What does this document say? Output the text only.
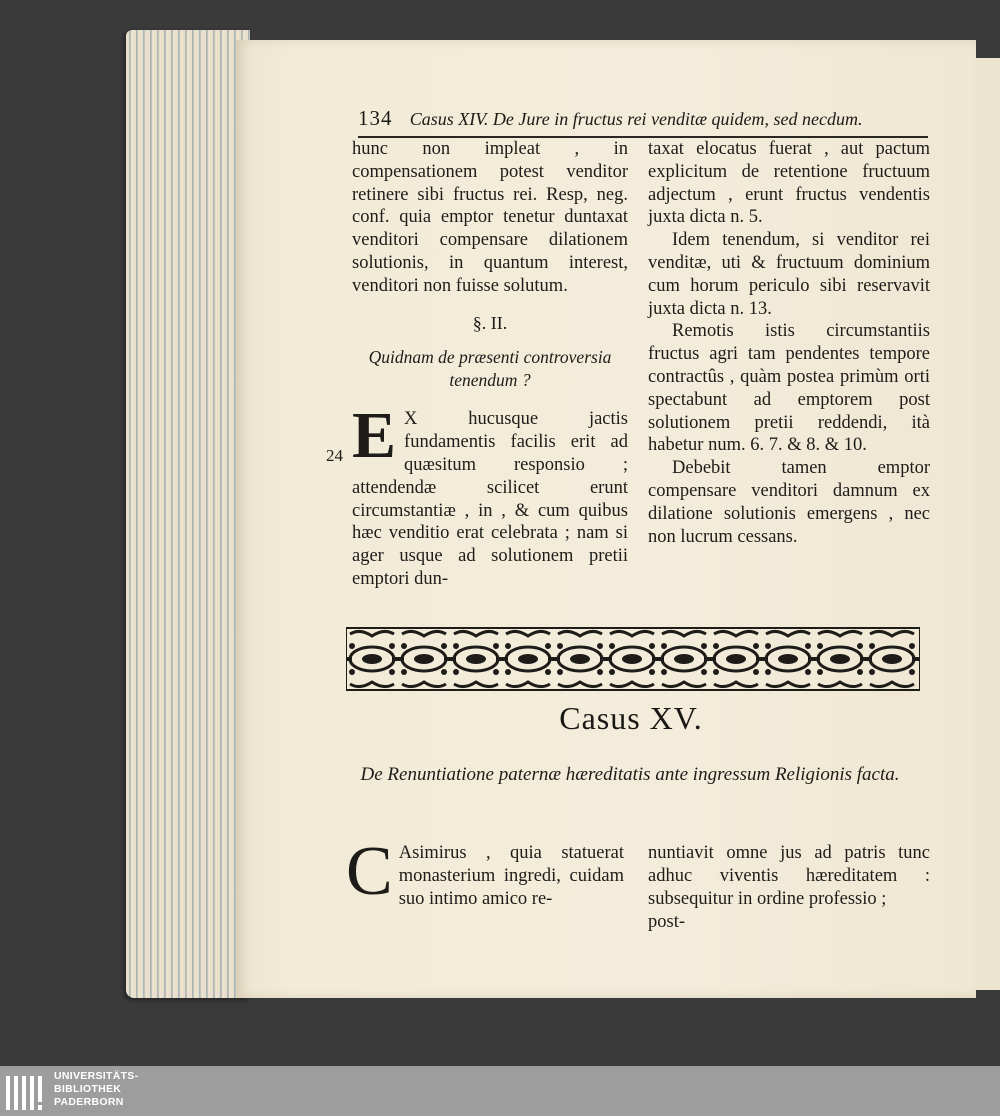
134 Casus XIV. De Jure in fructus rei venditæ quidem, sed necdum.

hunc non impleat , in compensationem potest venditor retinere sibi fructus rei. Resp, neg. conf. quia emptor tenetur duntaxat venditori compensare dilationem solutionis, in quantum interest, venditori non fuisse solutum.

§. II.
Quidnam de præsenti controversia tenendum ?

E X hucusque jactis fundamentis facilis erit ad quæsitum responsio ; attendendæ scilicet erunt circumstantiæ , in , & cum quibus hæc venditio erat celebrata ; nam si ager usque ad solutionem pretii emptori dun-

24

taxat elocatus fuerat , aut pactum explicitum de retentione fructuum adjectum , erunt fructus vendentis juxta dicta n. 5.

Idem tenendum, si venditor rei venditæ, uti & fructuum dominium cum horum periculo sibi reservavit juxta dicta n. 13.

Remotis istis circumstantiis fructus agri tam pendentes tempore contractûs , quàm postea primùm orti spectabunt ad emptorem post solutionem pretii reddendi, ità habetur num. 6. 7. & 8. & 10.

Debebit tamen emptor compensare venditori damnum ex dilatione solutionis emergens , nec non lucrum cessans.

Casus XV.
De Renuntiatione paternæ hæreditatis ante ingressum Religionis facta.

C Asimirus , quia statuerat monasterium ingredi, cuidam suo intimo amico re-

nuntiavit omne jus ad patris tunc adhuc viventis hæreditatem : subsequitur in ordine professio ;

post-

UNIVERSITÄTS-
BIBLIOTHEK
PADERBORN
